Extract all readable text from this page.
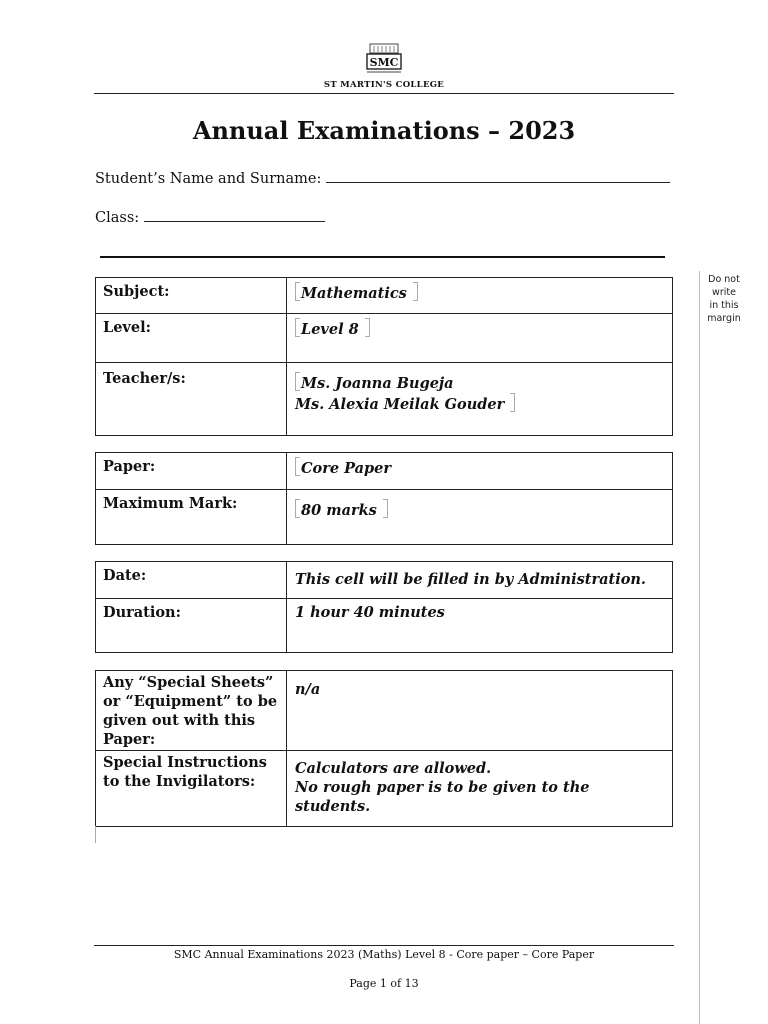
SMC
ST MARTIN'S COLLEGE
Annual Examinations – 2023
Student’s Name and Surname:
Class:
Do not
write
in this
margin
Subject:	Mathematics
Level:	Level 8
Teacher/s:	Ms. Joanna Bugeja
Ms. Alexia Meilak Gouder
Paper:	Core Paper
Maximum Mark:	80 marks
Date:	This cell will be filled in by Administration.
Duration:	1 hour 40 minutes
Any “Special Sheets” or “Equipment” to be given out with this Paper:	n/a
Special Instructions to the Invigilators:	Calculators are allowed.
No rough paper is to be given to the students.
SMC Annual Examinations 2023 (Maths) Level 8 - Core paper – Core Paper
Page 1 of 13
